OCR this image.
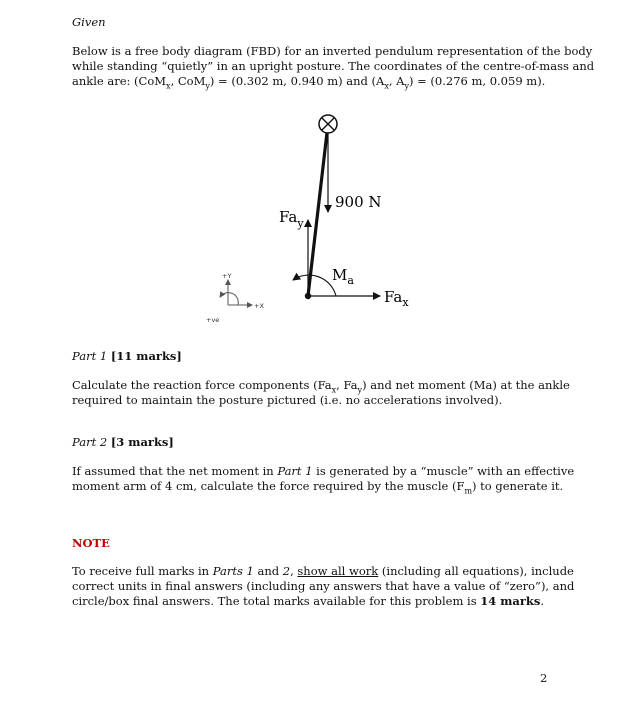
Given
Below is a free body diagram (FBD) for an inverted pendulum representation of the body
while standing “quietly” in an upright posture. The coordinates of the centre-of-mass and
ankle are: (CoM$_x$, CoM$_y$) = (0.302 m, 0.940 m) and ($A_x$, $A_y) = (0.276$ m, 0.059 m).
900 N
$Fa_y$
$M_a$
$Fa_x$
+Y
+X
+ve
Part 1 [11 marks]
Calculate the reaction force components ($Fa_x$, $Fa_y$) and net moment (Ma) at the ankle
required to maintain the posture pictured (i.e. no accelerations involved).
Part 2 [3 marks]
If assumed that the net moment in Part 1 is generated by a “muscle” with an effective
moment arm of 4 cm, calculate the force required by the muscle $(F_m)$ to generate it.
NOTE
To receive full marks in Parts 1 and 2, show all work (including all equations), include
correct units in final answers (including any answers that have a value of “zero”), and
circle/box final answers. The total marks available for this problem is 14 marks.
2
